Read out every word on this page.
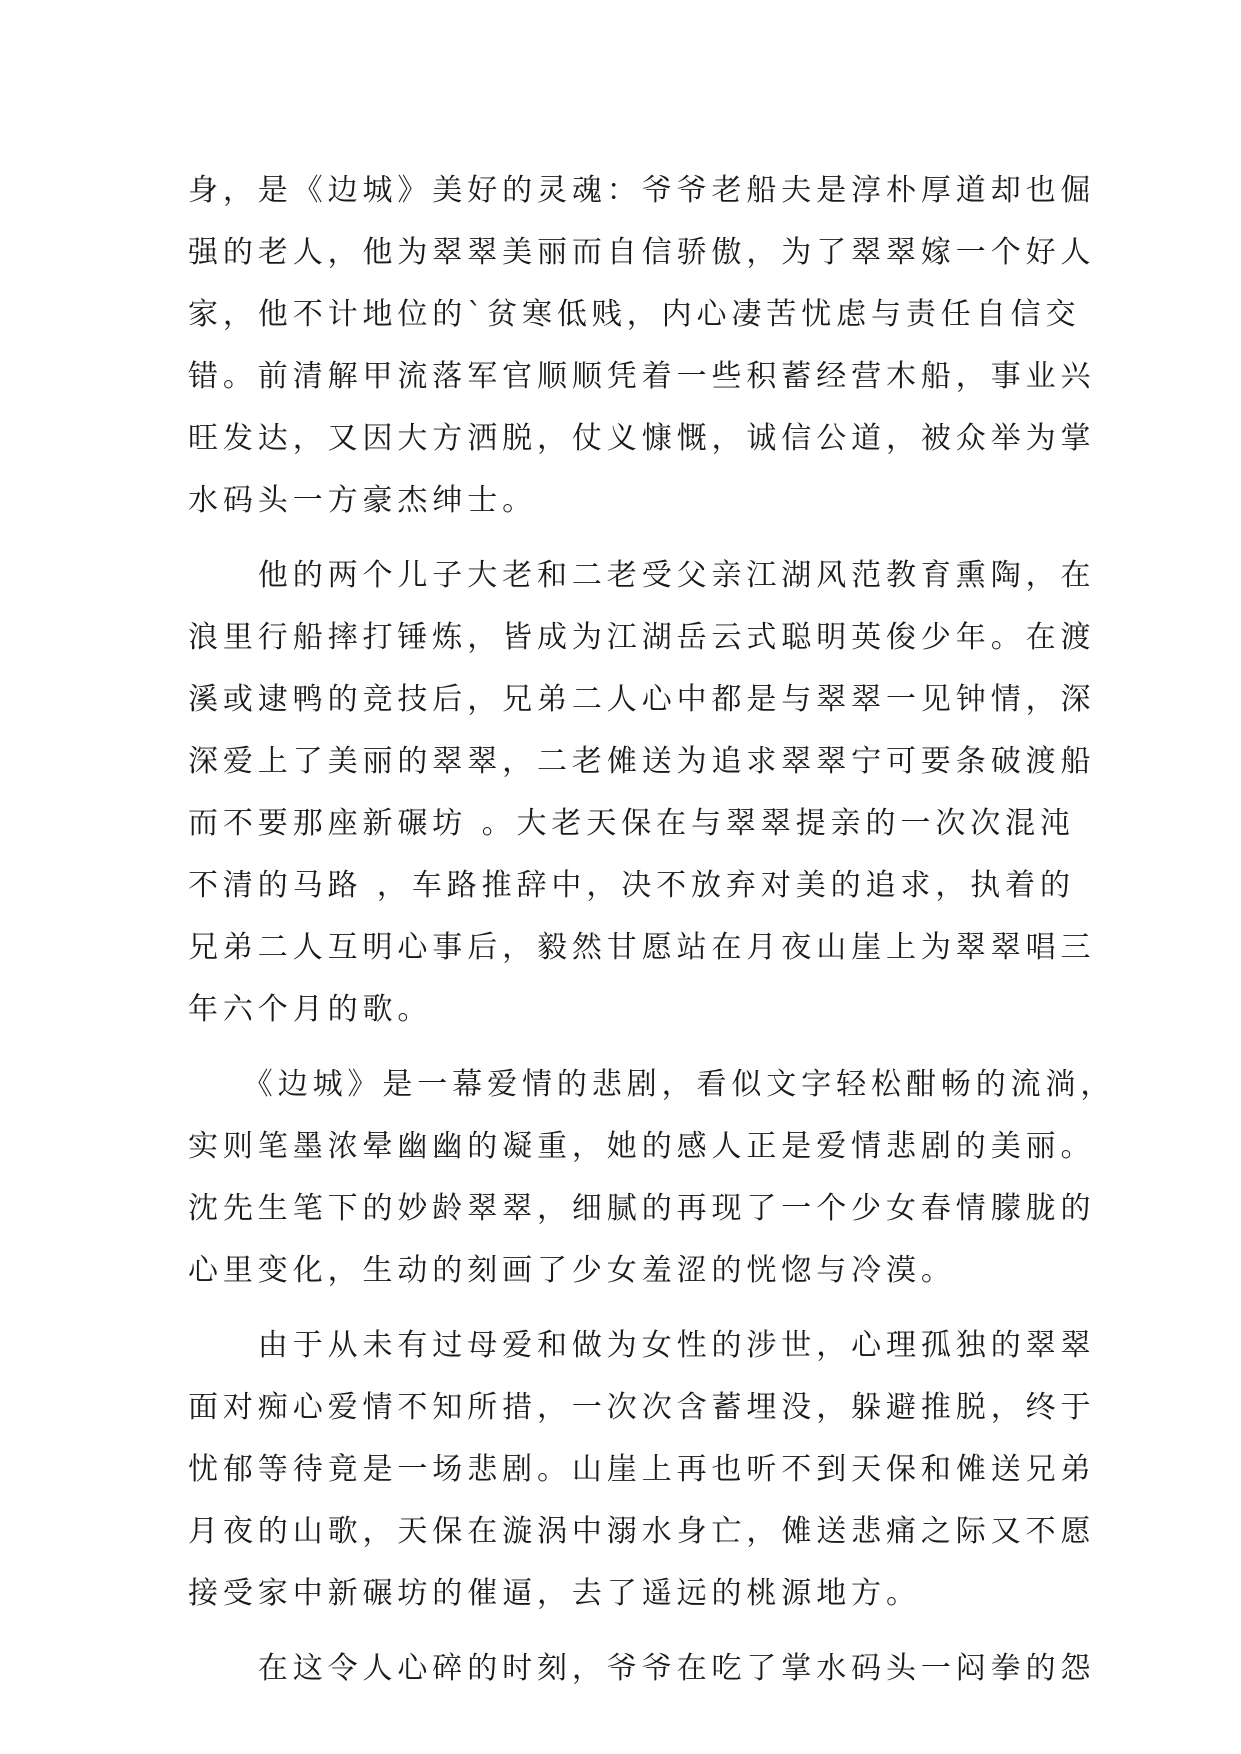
身，是《边城》美好的灵魂：爷爷老船夫是淳朴厚道却也倔
强的老人，他为翠翠美丽而自信骄傲，为了翠翠嫁一个好人
家，他不计地位的`贫寒低贱，内心凄苦忧虑与责任自信交
错。前清解甲流落军官顺顺凭着一些积蓄经营木船，事业兴
旺发达，又因大方洒脱，仗义慷慨，诚信公道，被众举为掌
水码头一方豪杰绅士。
　　他的两个儿子大老和二老受父亲江湖风范教育熏陶，在
浪里行船摔打锤炼，皆成为江湖岳云式聪明英俊少年。在渡
溪或逮鸭的竞技后，兄弟二人心中都是与翠翠一见钟情，深
深爱上了美丽的翠翠，二老傩送为追求翠翠宁可要条破渡船
而不要那座新碾坊 。大老天保在与翠翠提亲的一次次混沌
不清的马路 ，车路推辞中，决不放弃对美的追求，执着的
兄弟二人互明心事后，毅然甘愿站在月夜山崖上为翠翠唱三
年六个月的歌。
　　《边城》是一幕爱情的悲剧，看似文字轻松酣畅的流淌，
实则笔墨浓晕幽幽的凝重，她的感人正是爱情悲剧的美丽。
沈先生笔下的妙龄翠翠，细腻的再现了一个少女春情朦胧的
心里变化，生动的刻画了少女羞涩的恍惚与冷漠。
　　由于从未有过母爱和做为女性的涉世，心理孤独的翠翠
面对痴心爱情不知所措，一次次含蓄埋没，躲避推脱，终于
忧郁等待竟是一场悲剧。山崖上再也听不到天保和傩送兄弟
月夜的山歌，天保在漩涡中溺水身亡，傩送悲痛之际又不愿
接受家中新碾坊的催逼，去了遥远的桃源地方。
　　在这令人心碎的时刻，爷爷在吃了掌水码头一闷拳的怨
